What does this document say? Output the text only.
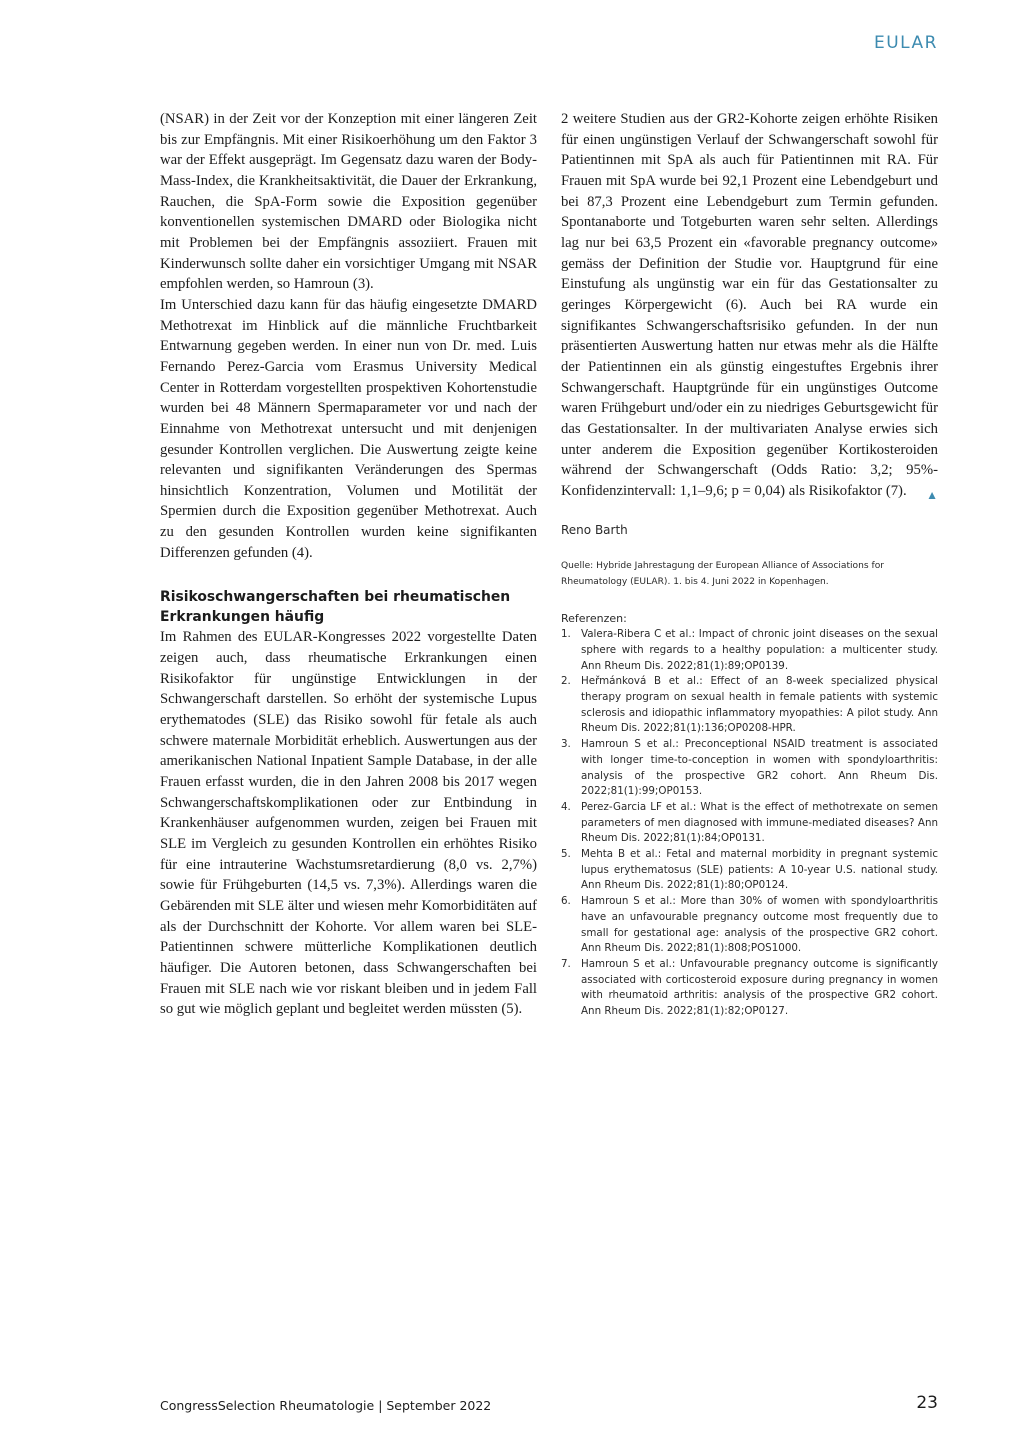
EULAR

(NSAR) in der Zeit vor der Konzeption mit einer längeren Zeit bis zur Empfängnis. Mit einer Risikoerhöhung um den Faktor 3 war der Effekt ausgeprägt. Im Gegensatz dazu waren der Body-Mass-Index, die Krankheitsaktivität, die Dauer der Erkrankung, Rauchen, die SpA-Form sowie die Exposition gegenüber konventionellen systemischen DMARD oder Biologika nicht mit Problemen bei der Empfängnis assoziiert. Frauen mit Kinderwunsch sollte daher ein vorsichtiger Umgang mit NSAR empfohlen werden, so Hamroun (3).

Im Unterschied dazu kann für das häufig eingesetzte DMARD Methotrexat im Hinblick auf die männliche Fruchtbarkeit Entwarnung gegeben werden. In einer nun von Dr. med. Luis Fernando Perez-Garcia vom Erasmus University Medical Center in Rotterdam vorgestellten prospektiven Kohortenstudie wurden bei 48 Männern Spermaparameter vor und nach der Einnahme von Methotrexat untersucht und mit denjenigen gesunder Kontrollen verglichen. Die Auswertung zeigte keine relevanten und signifikanten Veränderungen des Spermas hinsichtlich Konzentration, Volumen und Motilität der Spermien durch die Exposition gegenüber Methotrexat. Auch zu den gesunden Kontrollen wurden keine signifikanten Differenzen gefunden (4).

Risikoschwangerschaften bei rheumatischen Erkrankungen häufig

Im Rahmen des EULAR-Kongresses 2022 vorgestellte Daten zeigen auch, dass rheumatische Erkrankungen einen Risikofaktor für ungünstige Entwicklungen in der Schwangerschaft darstellen. So erhöht der systemische Lupus erythematodes (SLE) das Risiko sowohl für fetale als auch schwere maternale Morbidität erheblich. Auswertungen aus der amerikanischen National Inpatient Sample Database, in der alle Frauen erfasst wurden, die in den Jahren 2008 bis 2017 wegen Schwangerschaftskomplikationen oder zur Entbindung in Krankenhäuser aufgenommen wurden, zeigen bei Frauen mit SLE im Vergleich zu gesunden Kontrollen ein erhöhtes Risiko für eine intrauterine Wachstumsretardierung (8,0 vs. 2,7%) sowie für Frühgeburten (14,5 vs. 7,3%). Allerdings waren die Gebärenden mit SLE älter und wiesen mehr Komorbiditäten auf als der Durchschnitt der Kohorte. Vor allem waren bei SLE-Patientinnen schwere mütterliche Komplikationen deutlich häufiger. Die Autoren betonen, dass Schwangerschaften bei Frauen mit SLE nach wie vor riskant bleiben und in jedem Fall so gut wie möglich geplant und begleitet werden müssten (5).

2 weitere Studien aus der GR2-Kohorte zeigen erhöhte Risiken für einen ungünstigen Verlauf der Schwangerschaft sowohl für Patientinnen mit SpA als auch für Patientinnen mit RA. Für Frauen mit SpA wurde bei 92,1 Prozent eine Lebendgeburt und bei 87,3 Prozent eine Lebendgeburt zum Termin gefunden. Spontanaborte und Totgeburten waren sehr selten. Allerdings lag nur bei 63,5 Prozent ein «favorable pregnancy outcome» gemäss der Definition der Studie vor. Hauptgrund für eine Einstufung als ungünstig war ein für das Gestationsalter zu geringes Körpergewicht (6). Auch bei RA wurde ein signifikantes Schwangerschaftsrisiko gefunden. In der nun präsentierten Auswertung hatten nur etwas mehr als die Hälfte der Patientinnen ein als günstig eingestuftes Ergebnis ihrer Schwangerschaft. Hauptgründe für ein ungünstiges Outcome waren Frühgeburt und/oder ein zu niedriges Geburtsgewicht für das Gestationsalter. In der multivariaten Analyse erwies sich unter anderem die Exposition gegenüber Kortikosteroiden während der Schwangerschaft (Odds Ratio: 3,2; 95%-Konfidenzintervall: 1,1–9,6; p = 0,04) als Risikofaktor (7). ▲

Reno Barth
Quelle: Hybride Jahrestagung der European Alliance of Associations for Rheumatology (EULAR). 1. bis 4. Juni 2022 in Kopenhagen.
Referenzen:
1. Valera-Ribera C et al.: Impact of chronic joint diseases on the sexual sphere with regards to a healthy population: a multicenter study. Ann Rheum Dis. 2022;81(1):89;OP0139.
2. Heřmánková B et al.: Effect of an 8-week specialized physical therapy program on sexual health in female patients with systemic sclerosis and idiopathic inflammatory myopathies: A pilot study. Ann Rheum Dis. 2022;81(1):136;OP0208-HPR.
3. Hamroun S et al.: Preconceptional NSAID treatment is associated with longer time-to-conception in women with spondyloarthritis: analysis of the prospective GR2 cohort. Ann Rheum Dis. 2022;81(1):99;OP0153.
4. Perez-Garcia LF et al.: What is the effect of methotrexate on semen parameters of men diagnosed with immune-mediated diseases? Ann Rheum Dis. 2022;81(1):84;OP0131.
5. Mehta B et al.: Fetal and maternal morbidity in pregnant systemic lupus erythematosus (SLE) patients: A 10-year U.S. national study. Ann Rheum Dis. 2022;81(1):80;OP0124.
6. Hamroun S et al.: More than 30% of women with spondyloarthritis have an unfavourable pregnancy outcome most frequently due to small for gestational age: analysis of the prospective GR2 cohort. Ann Rheum Dis. 2022;81(1):808;POS1000.
7. Hamroun S et al.: Unfavourable pregnancy outcome is significantly associated with corticosteroid exposure during pregnancy in women with rheumatoid arthritis: analysis of the prospective GR2 cohort. Ann Rheum Dis. 2022;81(1):82;OP0127.
CongressSelection Rheumatologie | September 2022	23
